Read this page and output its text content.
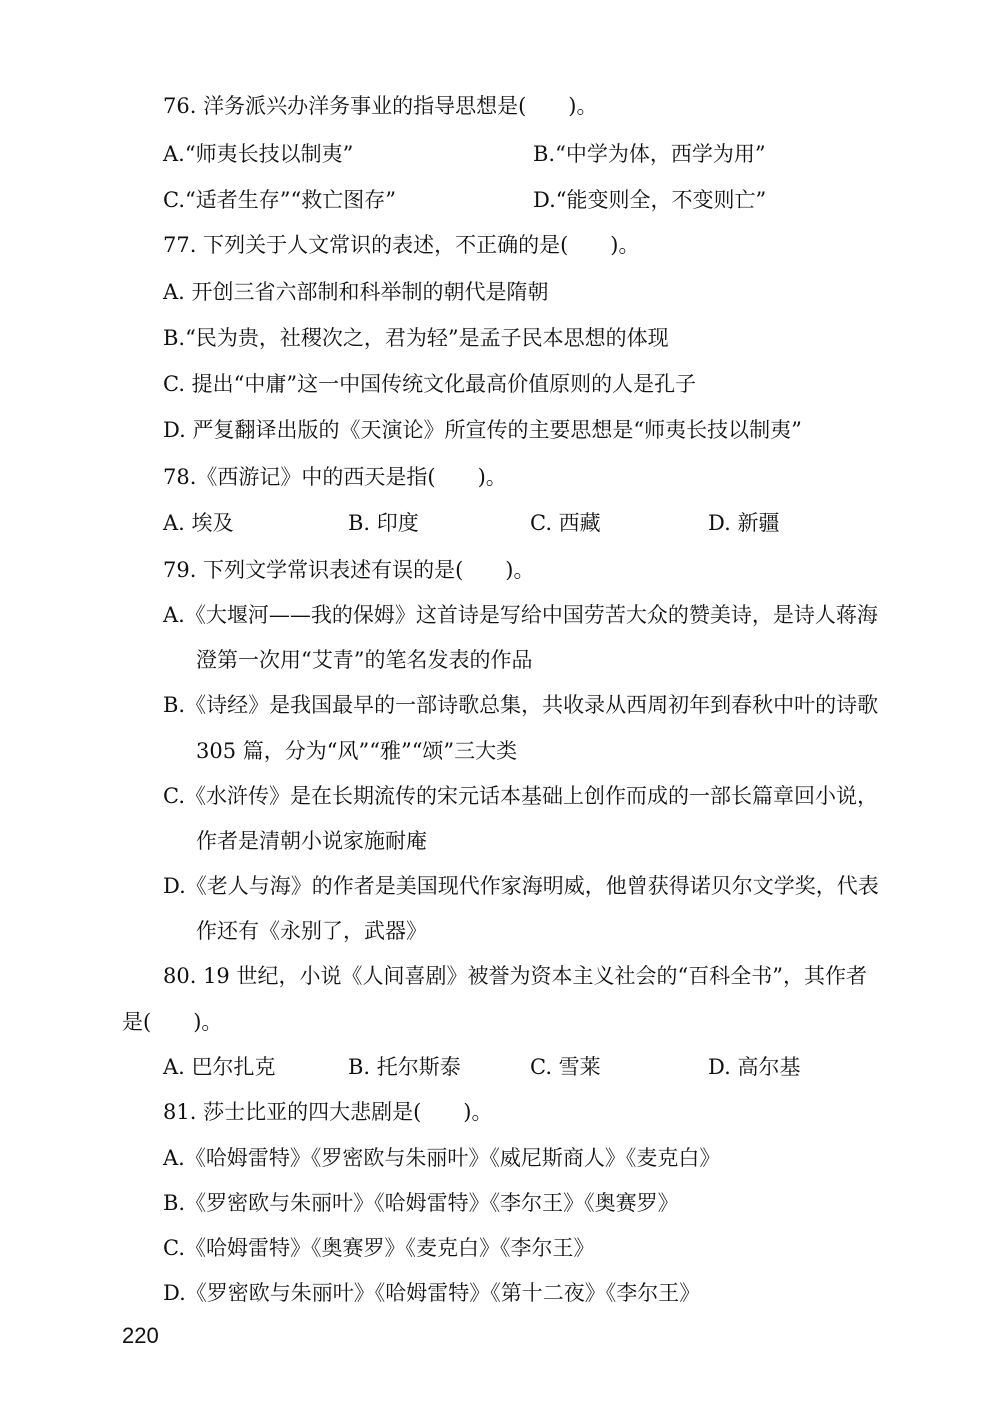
76. 洋务派兴办洋务事业的指导思想是(　　)。
A.“师夷长技以制夷”	B.“中学为体，西学为用”
C.“适者生存”“救亡图存”	D.“能变则全，不变则亡”
77. 下列关于人文常识的表述，不正确的是(　　)。
A. 开创三省六部制和科举制的朝代是隋朝
B.“民为贵，社稷次之，君为轻”是孟子民本思想的体现
C. 提出“中庸”这一中国传统文化最高价值原则的人是孔子
D. 严复翻译出版的《天演论》所宣传的主要思想是“师夷长技以制夷”
78.《西游记》中的西天是指(　　)。
A. 埃及	B. 印度	C. 西藏	D. 新疆
79. 下列文学常识表述有误的是(　　)。
A.《大堰河——我的保姆》这首诗是写给中国劳苦大众的赞美诗，是诗人蒋海
澄第一次用“艾青”的笔名发表的作品
B.《诗经》是我国最早的一部诗歌总集，共收录从西周初年到春秋中叶的诗歌
305 篇，分为“风”“雅”“颂”三大类
C.《水浒传》是在长期流传的宋元话本基础上创作而成的一部长篇章回小说，
作者是清朝小说家施耐庵
D.《老人与海》的作者是美国现代作家海明威，他曾获得诺贝尔文学奖，代表
作还有《永别了，武器》
80. 19 世纪，小说《人间喜剧》被誉为资本主义社会的“百科全书”，其作者
是(　　)。
A. 巴尔扎克	B. 托尔斯泰	C. 雪莱	D. 高尔基
81. 莎士比亚的四大悲剧是(　　)。
A.《哈姆雷特》《罗密欧与朱丽叶》《威尼斯商人》《麦克白》
B.《罗密欧与朱丽叶》《哈姆雷特》《李尔王》《奥赛罗》
C.《哈姆雷特》《奥赛罗》《麦克白》《李尔王》
D.《罗密欧与朱丽叶》《哈姆雷特》《第十二夜》《李尔王》
220
